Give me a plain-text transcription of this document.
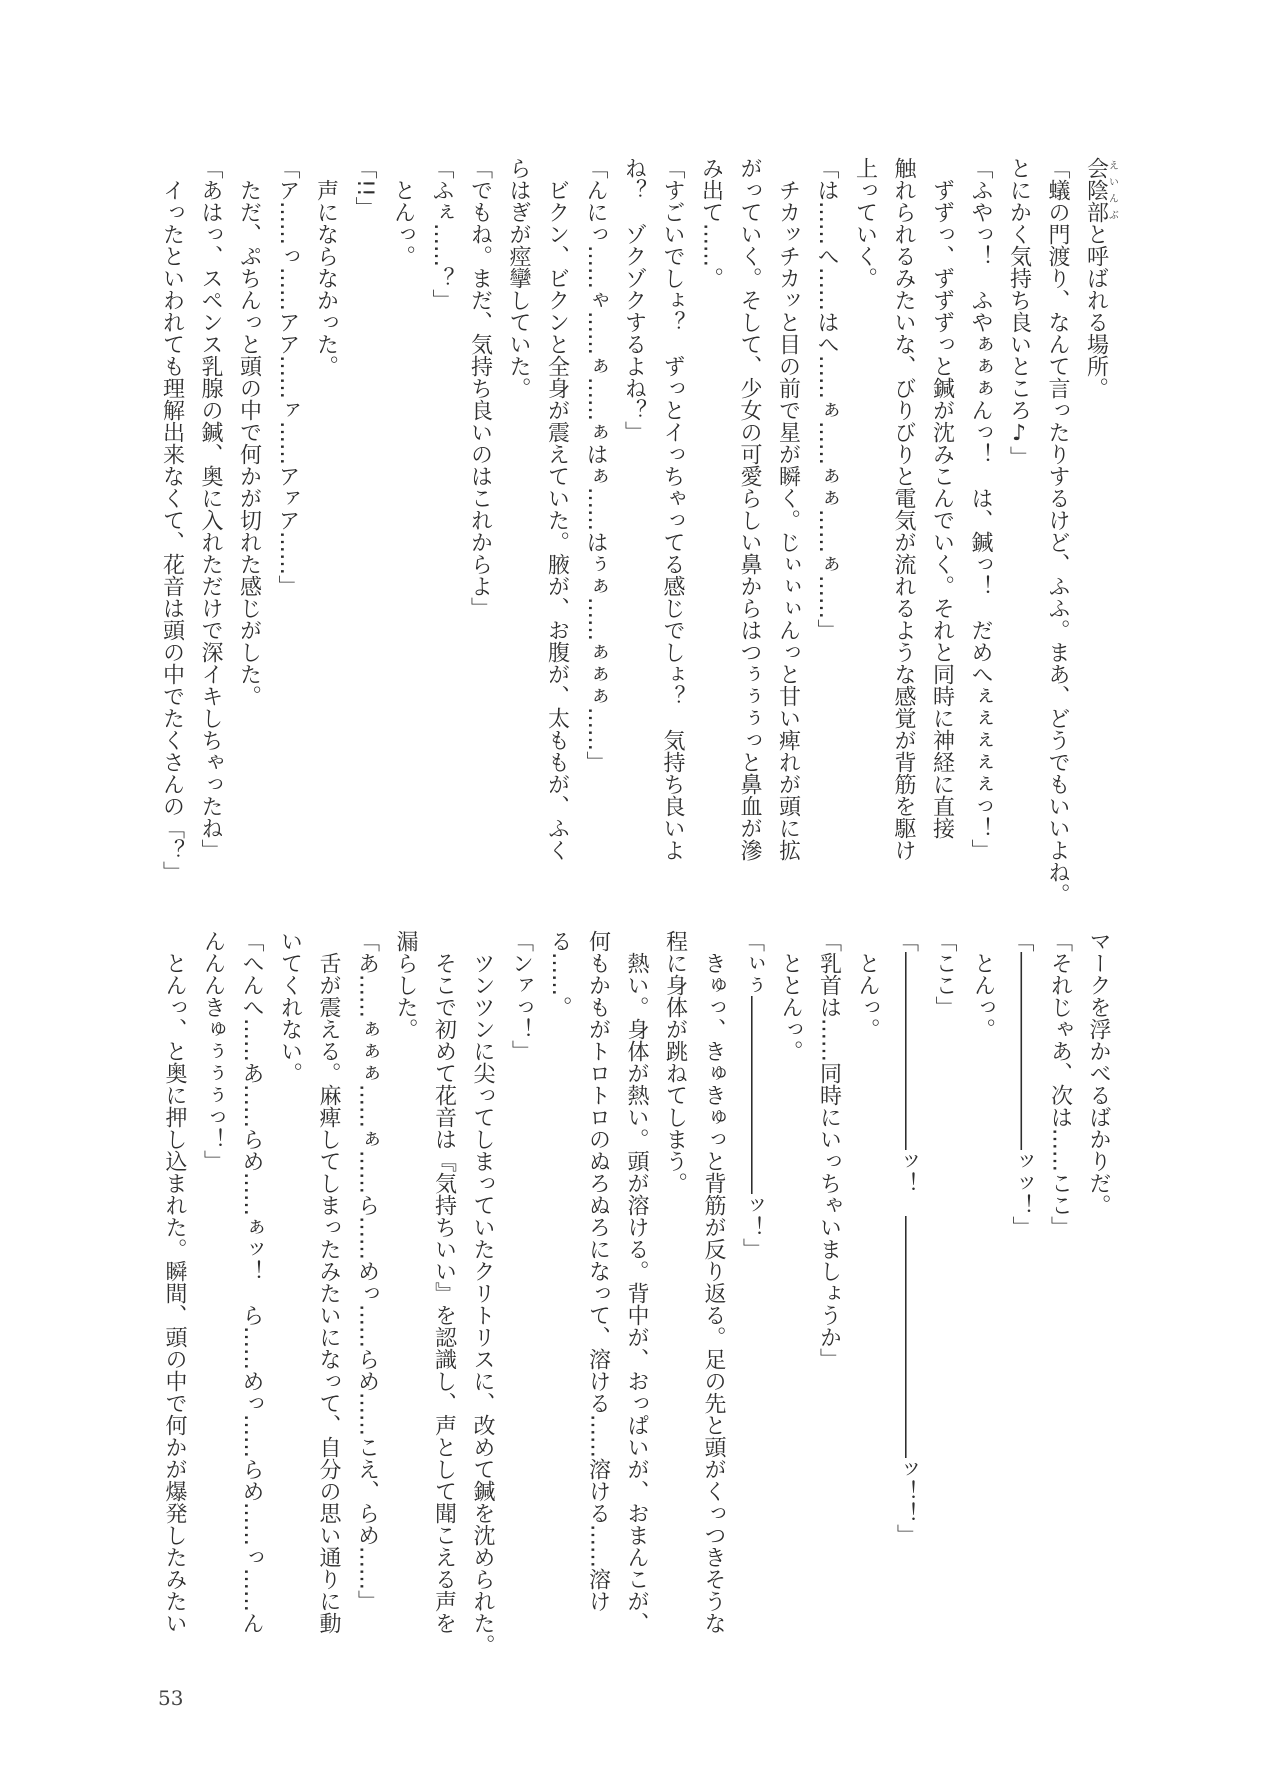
会陰部えいんぶと呼ばれる場所。
「蟻の門渡り、なんて言ったりするけど、ふふ。まあ、どうでもいいよね。
とにかく気持ち良いところ♪」
「ふやっ！　ふやぁぁぁんっ！　は、鍼っ！　だめへぇぇぇぇぇっ！」
　ずずっ、ずずずっと鍼が沈みこんでいく。それと同時に神経に直接
触れられるみたいな、びりびりと電気が流れるような感覚が背筋を駆け
上っていく。
「は……へ……はへ……ぁ……ぁぁ……ぁ……」
　チカッチカッと目の前で星が瞬く。じぃぃぃんっと甘い痺れが頭に拡
がっていく。そして、少女の可愛らしい鼻からはつぅぅぅっと鼻血が滲
み出て……。
「すごいでしょ？　ずっとイっちゃってる感じでしょ？　気持ち良いよ
ね？　ゾクゾクするよね？」
「んにっ……ゃ……ぁ……ぁはぁ……はぅぁ……ぁぁぁ……」
　ビクン、ビクンと全身が震えていた。腋が、お腹が、太ももが、ふく
らはぎが痙攣していた。
「でもね。まだ、気持ち良いのはこれからよ」
「ふぇ……？」
　とんっ。
「!!」
　声にならなかった。
「ア……っ……アア……ァ……アァア……」
　ただ、ぷちんっと頭の中で何かが切れた感じがした。
「あはっ、スペンス乳腺の鍼、奥に入れただけで深イキしちゃったね」
　イったといわれても理解出来なくて、花音は頭の中でたくさんの「？」
マークを浮かべるばかりだ。
「それじゃあ、次は……ここ」
「―――――――――ッッ！」
　とんっ。
「ここ」
「―――――――――ッ！　―――――――――――ッ！！」
　とんっ。
「乳首は……同時にいっちゃいましょうか」
　ととんっ。
「ぃぅ―――――――――ッ！」
　きゅっ、きゅきゅっと背筋が反り返る。足の先と頭がくっつきそうな
程に身体が跳ねてしまう。
　熱い。身体が熱い。頭が溶ける。背中が、おっぱいが、おまんこが、
何もかもがトロトロのぬろぬろになって、溶ける……溶ける……溶け
る……。
「ンァっ！」
　ツンツンに尖ってしまっていたクリトリスに、改めて鍼を沈められた。
　そこで初めて花音は『気持ちいい』を認識し、声として聞こえる声を
漏らした。
「あ……ぁぁぁ……ぁ……ら……めっ……らめ……こえ、らめ……」
　舌が震える。麻痺してしまったみたいになって、自分の思い通りに動
いてくれない。
「へんへ……あ……らめ……ぁッ！　ら……めっ……らめ……っ……ん
んんんきゅぅぅぅっ！」
　とんっ、と奥に押し込まれた。瞬間、頭の中で何かが爆発したみたい
53
